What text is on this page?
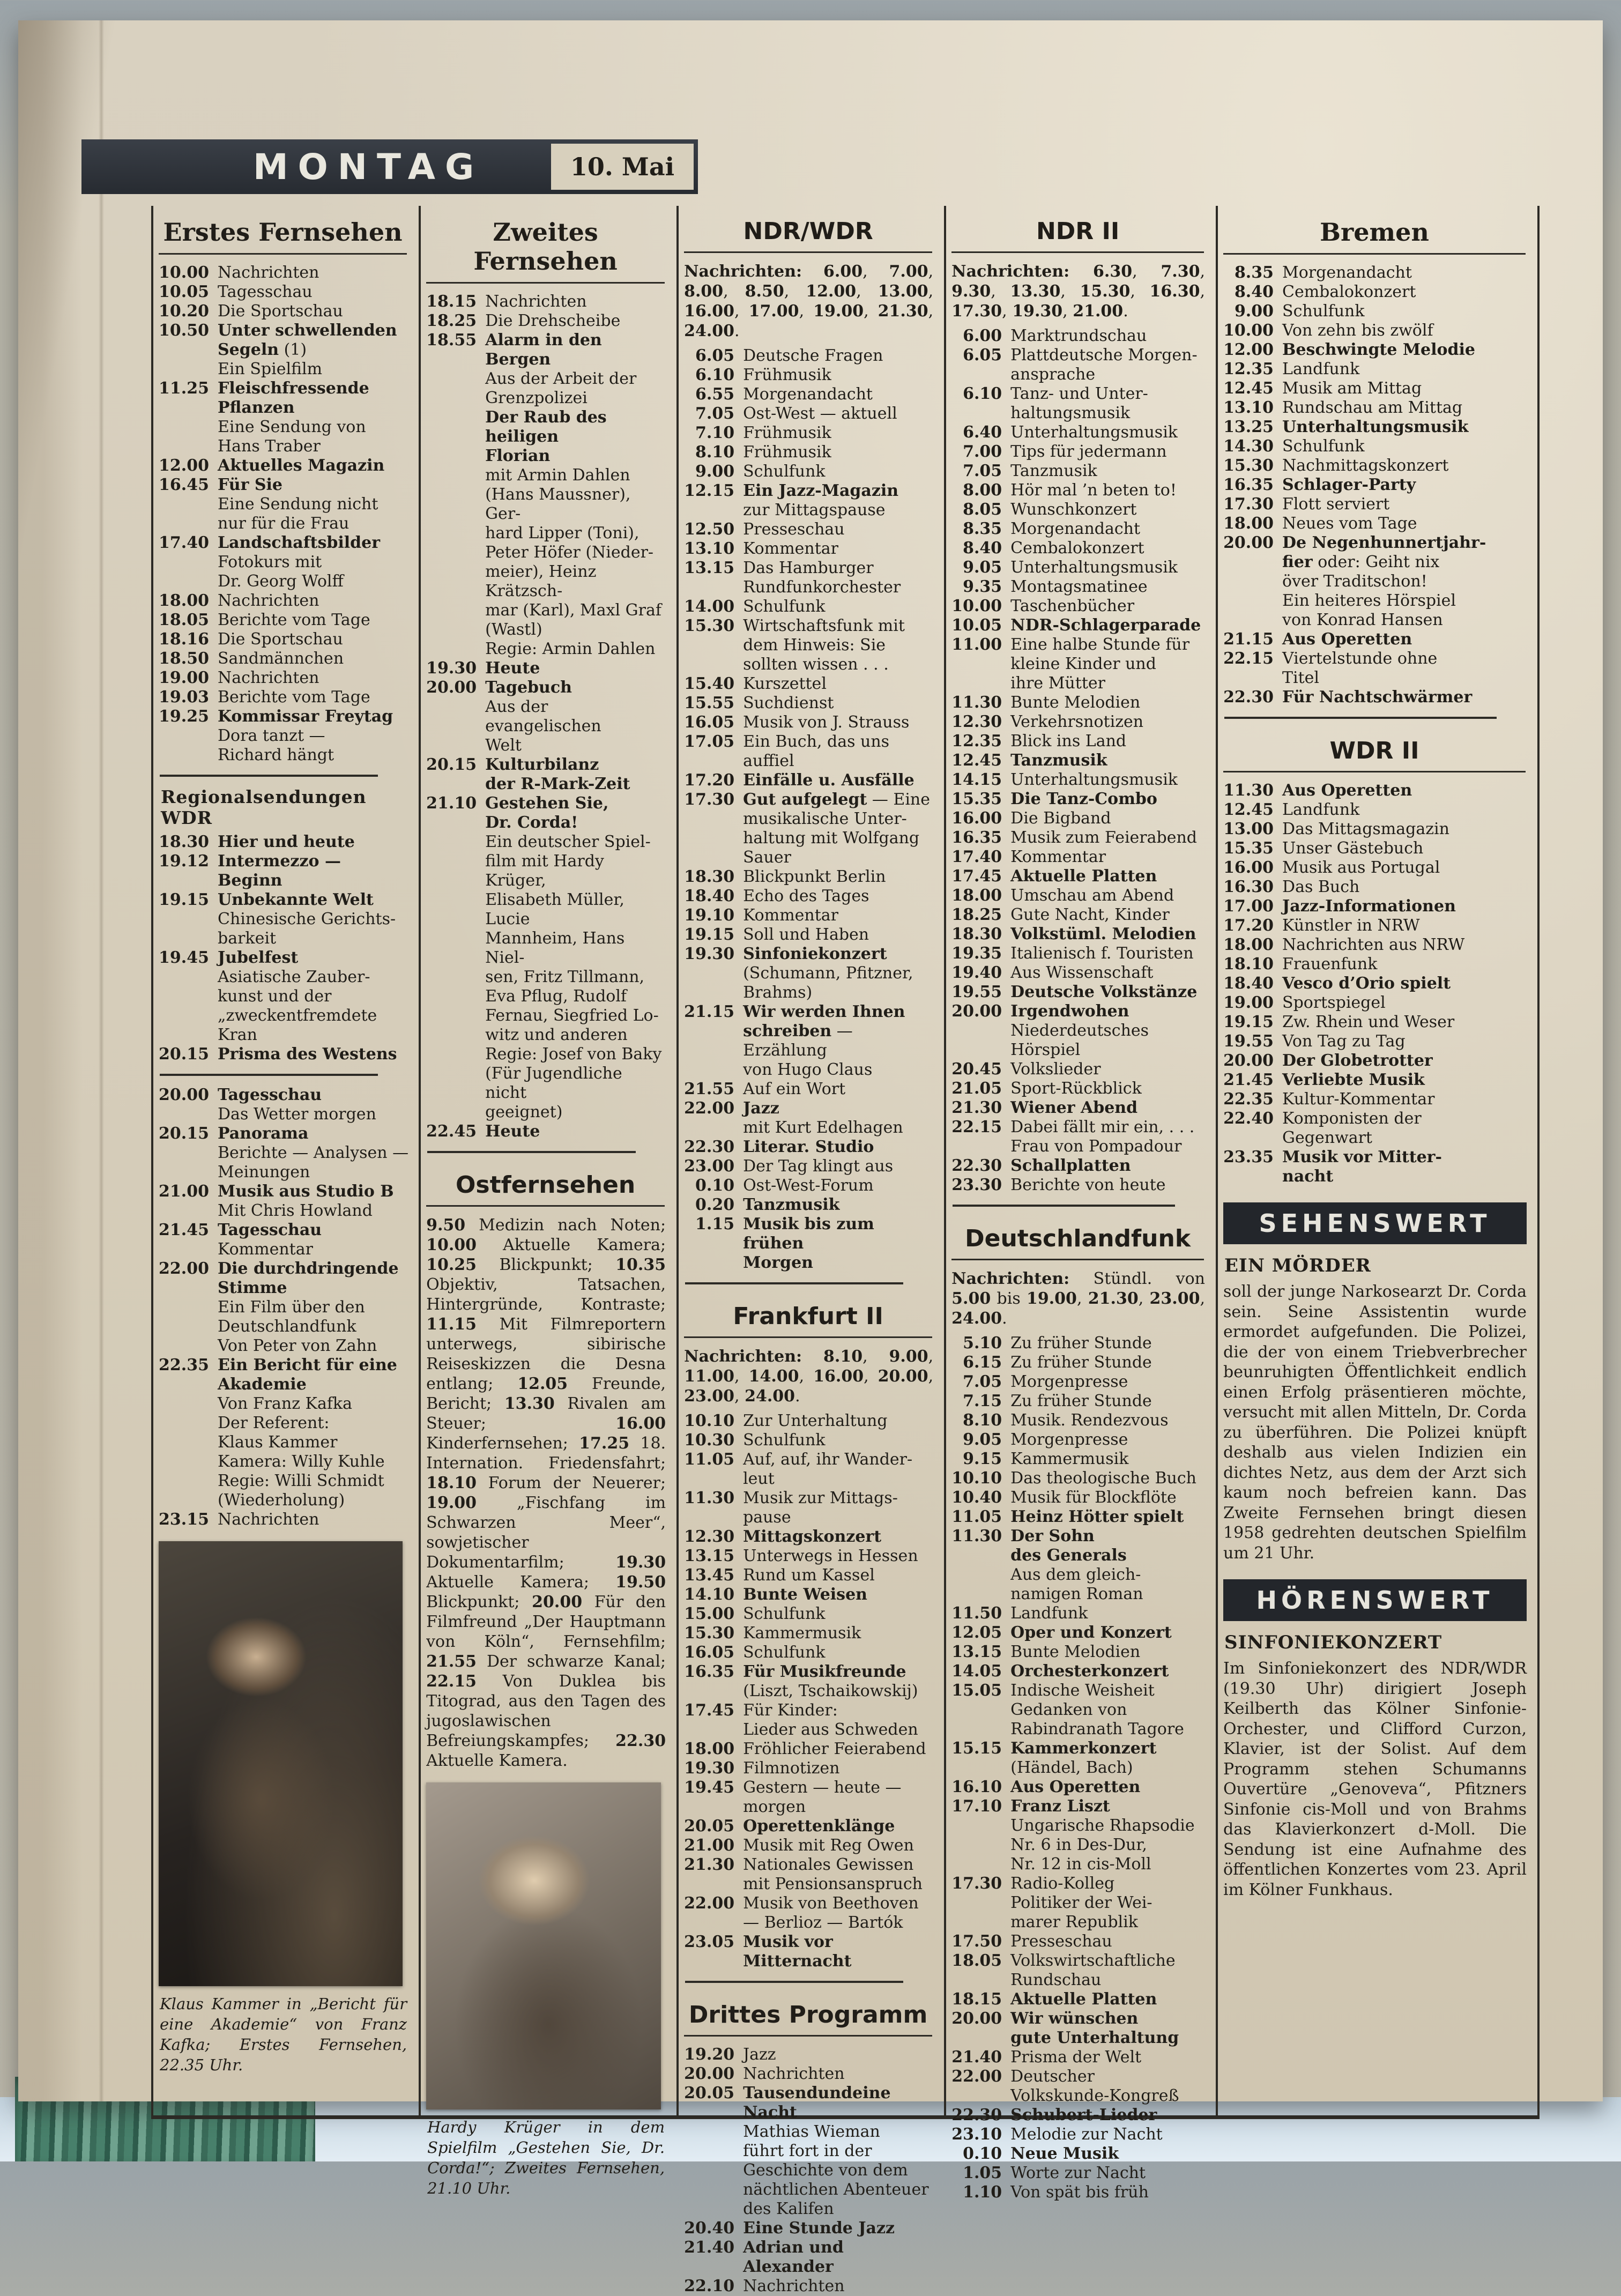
MONTAG	10. Mai
Erstes Fernsehen
10.00 Nachrichten
10.05 Tagesschau
10.20 Die Sportschau
10.50 Unter schwellenden
Segeln (1)
Ein Spielfilm
11.25 Fleischfressende
Pflanzen
Eine Sendung von
Hans Traber
12.00 Aktuelles Magazin
16.45 Für Sie
Eine Sendung nicht
nur für die Frau
17.40 Landschaftsbilder
Fotokurs mit
Dr. Georg Wolff
18.00 Nachrichten
18.05 Berichte vom Tage
18.16 Die Sportschau
18.50 Sandmännchen
19.00 Nachrichten
19.03 Berichte vom Tage
19.25 Kommissar Freytag
Dora tanzt —
Richard hängt
Regionalsendungen WDR
18.30 Hier und heute
19.12 Intermezzo — Beginn
19.15 Unbekannte Welt
Chinesische Gerichts-
barkeit
19.45 Jubelfest
Asiatische Zauber-
kunst und der
„zweckentfremdete
Kran
20.15 Prisma des Westens
20.00 Tagesschau
Das Wetter morgen
20.15 Panorama
Berichte — Analysen —
Meinungen
21.00 Musik aus Studio B
Mit Chris Howland
21.45 Tagesschau
Kommentar
22.00 Die durchdringende
Stimme
Ein Film über den
Deutschlandfunk
Von Peter von Zahn
22.35 Ein Bericht für eine
Akademie
Von Franz Kafka
Der Referent:
Klaus Kammer
Kamera: Willy Kuhle
Regie: Willi Schmidt
(Wiederholung)
23.15 Nachrichten
Klaus Kammer in „Bericht für eine Akademie“ von Franz Kafka; Erstes Fernsehen, 22.35 Uhr.
Zweites Fernsehen
18.15 Nachrichten
18.25 Die Drehscheibe
18.55 Alarm in den Bergen
Aus der Arbeit der
Grenzpolizei
Der Raub des heiligen
Florian
mit Armin Dahlen
(Hans Maussner), Ger-
hard Lipper (Toni),
Peter Höfer (Nieder-
meier), Heinz Krätzsch-
mar (Karl), Maxl Graf
(Wastl)
Regie: Armin Dahlen
19.30 Heute
20.00 Tagebuch
Aus der evangelischen
Welt
20.15 Kulturbilanz
der R-Mark-Zeit
21.10 Gestehen Sie,
Dr. Corda!
Ein deutscher Spiel-
film mit Hardy Krüger,
Elisabeth Müller, Lucie
Mannheim, Hans Niel-
sen, Fritz Tillmann,
Eva Pflug, Rudolf
Fernau, Siegfried Lo-
witz und anderen
Regie: Josef von Baky
(Für Jugendliche nicht
geeignet)
22.45 Heute
Ostfernsehen
9.50 Medizin nach Noten; 10.00 Aktuelle Kamera; 10.25 Blickpunkt; 10.35 Objektiv, Tatsachen, Hintergründe, Kontraste; 11.15 Mit Filmreportern unterwegs, sibirische Reiseskizzen die Desna entlang; 12.05 Freunde, Bericht; 13.30 Rivalen am Steuer; 16.00 Kinderfernsehen; 17.25 18. Internation. Friedensfahrt; 18.10 Forum der Neuerer; 19.00 „Fischfang im Schwarzen Meer“, sowjetischer Dokumentarfilm; 19.30 Aktuelle Kamera; 19.50 Blickpunkt; 20.00 Für den Filmfreund „Der Hauptmann von Köln“, Fernsehfilm; 21.55 Der schwarze Kanal; 22.15 Von Duklea bis Titograd, aus den Tagen des jugoslawischen Befreiungskampfes; 22.30 Aktuelle Kamera.
Hardy Krüger in dem Spielfilm „Gestehen Sie, Dr. Corda!“; Zweites Fernsehen, 21.10 Uhr.
NDR/WDR
Nachrichten: 6.00, 7.00, 8.00, 8.50, 12.00, 13.00, 16.00, 17.00, 19.00, 21.30, 24.00.
6.05 Deutsche Fragen
6.10 Frühmusik
6.55 Morgenandacht
7.05 Ost-West — aktuell
7.10 Frühmusik
8.10 Frühmusik
9.00 Schulfunk
12.15 Ein Jazz-Magazin
zur Mittagspause
12.50 Presseschau
13.10 Kommentar
13.15 Das Hamburger
Rundfunkorchester
14.00 Schulfunk
15.30 Wirtschaftsfunk mit
dem Hinweis: Sie
sollten wissen . . .
15.40 Kurszettel
15.55 Suchdienst
16.05 Musik von J. Strauss
17.05 Ein Buch, das uns
auffiel
17.20 Einfälle u. Ausfälle
17.30 Gut aufgelegt — Eine
musikalische Unter-
haltung mit Wolfgang
Sauer
18.30 Blickpunkt Berlin
18.40 Echo des Tages
19.10 Kommentar
19.15 Soll und Haben
19.30 Sinfoniekonzert
(Schumann, Pfitzner,
Brahms)
21.15 Wir werden Ihnen
schreiben — Erzählung
von Hugo Claus
21.55 Auf ein Wort
22.00 Jazz
mit Kurt Edelhagen
22.30 Literar. Studio
23.00 Der Tag klingt aus
0.10 Ost-West-Forum
0.20 Tanzmusik
1.15 Musik bis zum frühen
Morgen
Frankfurt II
Nachrichten: 8.10, 9.00, 11.00, 14.00, 16.00, 20.00, 23.00, 24.00.
10.10 Zur Unterhaltung
10.30 Schulfunk
11.05 Auf, auf, ihr Wander-
leut
11.30 Musik zur Mittags-
pause
12.30 Mittagskonzert
13.15 Unterwegs in Hessen
13.45 Rund um Kassel
14.10 Bunte Weisen
15.00 Schulfunk
15.30 Kammermusik
16.05 Schulfunk
16.35 Für Musikfreunde
(Liszt, Tschaikowskij)
17.45 Für Kinder:
Lieder aus Schweden
18.00 Fröhlicher Feierabend
19.30 Filmnotizen
19.45 Gestern — heute —
morgen
20.05 Operettenklänge
21.00 Musik mit Reg Owen
21.30 Nationales Gewissen
mit Pensionsanspruch
22.00 Musik von Beethoven
— Berlioz — Bartók
23.05 Musik vor
Mitternacht
Drittes Programm
19.20 Jazz
20.00 Nachrichten
20.05 Tausendundeine Nacht
Mathias Wieman
führt fort in der
Geschichte von dem
nächtlichen Abenteuer
des Kalifen
20.40 Eine Stunde Jazz
21.40 Adrian und Alexander
22.10 Nachrichten
NDR II
Nachrichten: 6.30, 7.30, 9.30, 13.30, 15.30, 16.30, 17.30, 19.30, 21.00.
6.00 Marktrundschau
6.05 Plattdeutsche Morgen-
ansprache
6.10 Tanz- und Unter-
haltungsmusik
6.40 Unterhaltungsmusik
7.00 Tips für jedermann
7.05 Tanzmusik
8.00 Hör mal ’n beten to!
8.05 Wunschkonzert
8.35 Morgenandacht
8.40 Cembalokonzert
9.05 Unterhaltungsmusik
9.35 Montagsmatinee
10.00 Taschenbücher
10.05 NDR-Schlagerparade
11.00 Eine halbe Stunde für
kleine Kinder und
ihre Mütter
11.30 Bunte Melodien
12.30 Verkehrsnotizen
12.35 Blick ins Land
12.45 Tanzmusik
14.15 Unterhaltungsmusik
15.35 Die Tanz-Combo
16.00 Die Bigband
16.35 Musik zum Feierabend
17.40 Kommentar
17.45 Aktuelle Platten
18.00 Umschau am Abend
18.25 Gute Nacht, Kinder
18.30 Volkstüml. Melodien
19.35 Italienisch f. Touristen
19.40 Aus Wissenschaft
19.55 Deutsche Volkstänze
20.00 Irgendwohen
Niederdeutsches
Hörspiel
20.45 Volkslieder
21.05 Sport-Rückblick
21.30 Wiener Abend
22.15 Dabei fällt mir ein, . . .
Frau von Pompadour
22.30 Schallplatten
23.30 Berichte von heute
Deutschlandfunk
Nachrichten: Stündl. von 5.00 bis 19.00, 21.30, 23.00, 24.00.
5.10 Zu früher Stunde
6.15 Zu früher Stunde
7.05 Morgenpresse
7.15 Zu früher Stunde
8.10 Musik. Rendezvous
9.05 Morgenpresse
9.15 Kammermusik
10.10 Das theologische Buch
10.40 Musik für Blockflöte
11.05 Heinz Hötter spielt
11.30 Der Sohn
des Generals
Aus dem gleich-
namigen Roman
11.50 Landfunk
12.05 Oper und Konzert
13.15 Bunte Melodien
14.05 Orchesterkonzert
15.05 Indische Weisheit
Gedanken von
Rabindranath Tagore
15.15 Kammerkonzert
(Händel, Bach)
16.10 Aus Operetten
17.10 Franz Liszt
Ungarische Rhapsodie
Nr. 6 in Des-Dur,
Nr. 12 in cis-Moll
17.30 Radio-Kolleg
Politiker der Wei-
marer Republik
17.50 Presseschau
18.05 Volkswirtschaftliche
Rundschau
18.15 Aktuelle Platten
20.00 Wir wünschen
gute Unterhaltung
21.40 Prisma der Welt
22.00 Deutscher
Volkskunde-Kongreß
22.30 Schubert-Lieder
23.10 Melodie zur Nacht
0.10 Neue Musik
1.05 Worte zur Nacht
1.10 Von spät bis früh
Bremen
8.35 Morgenandacht
8.40 Cembalokonzert
9.00 Schulfunk
10.00 Von zehn bis zwölf
12.00 Beschwingte Melodie
12.35 Landfunk
12.45 Musik am Mittag
13.10 Rundschau am Mittag
13.25 Unterhaltungsmusik
14.30 Schulfunk
15.30 Nachmittagskonzert
16.35 Schlager-Party
17.30 Flott serviert
18.00 Neues vom Tage
20.00 De Negenhunnertjahr-
fier oder: Geiht nix
över Traditschon!
Ein heiteres Hörspiel
von Konrad Hansen
21.15 Aus Operetten
22.15 Viertelstunde ohne
Titel
22.30 Für Nachtschwärmer
WDR II
11.30 Aus Operetten
12.45 Landfunk
13.00 Das Mittagsmagazin
15.35 Unser Gästebuch
16.00 Musik aus Portugal
16.30 Das Buch
17.00 Jazz-Informationen
17.20 Künstler in NRW
18.00 Nachrichten aus NRW
18.10 Frauenfunk
18.40 Vesco d’Orio spielt
19.00 Sportspiegel
19.15 Zw. Rhein und Weser
19.55 Von Tag zu Tag
20.00 Der Globetrotter
21.45 Verliebte Musik
22.35 Kultur-Kommentar
22.40 Komponisten der
Gegenwart
23.35 Musik vor Mitter-
nacht
SEHENSWERT
EIN MÖRDER
soll der junge Narkosearzt Dr. Corda sein. Seine Assistentin wurde ermordet aufgefunden. Die Polizei, die der von einem Triebverbrecher beunruhigten Öffentlichkeit endlich einen Erfolg präsentieren möchte, versucht mit allen Mitteln, Dr. Corda zu überführen. Die Polizei knüpft deshalb aus vielen Indizien ein dichtes Netz, aus dem der Arzt sich kaum noch befreien kann. Das Zweite Fernsehen bringt diesen 1958 gedrehten deutschen Spielfilm um 21 Uhr.
HÖRENSWERT
SINFONIEKONZERT
Im Sinfoniekonzert des NDR/WDR (19.30 Uhr) dirigiert Joseph Keilberth das Kölner Sinfonie-Orchester, und Clifford Curzon, Klavier, ist der Solist. Auf dem Programm stehen Schumanns Ouvertüre „Genoveva“, Pfitzners Sinfonie cis-Moll und von Brahms das Klavierkonzert d-Moll. Die Sendung ist eine Aufnahme des öffentlichen Konzertes vom 23. April im Kölner Funkhaus.
